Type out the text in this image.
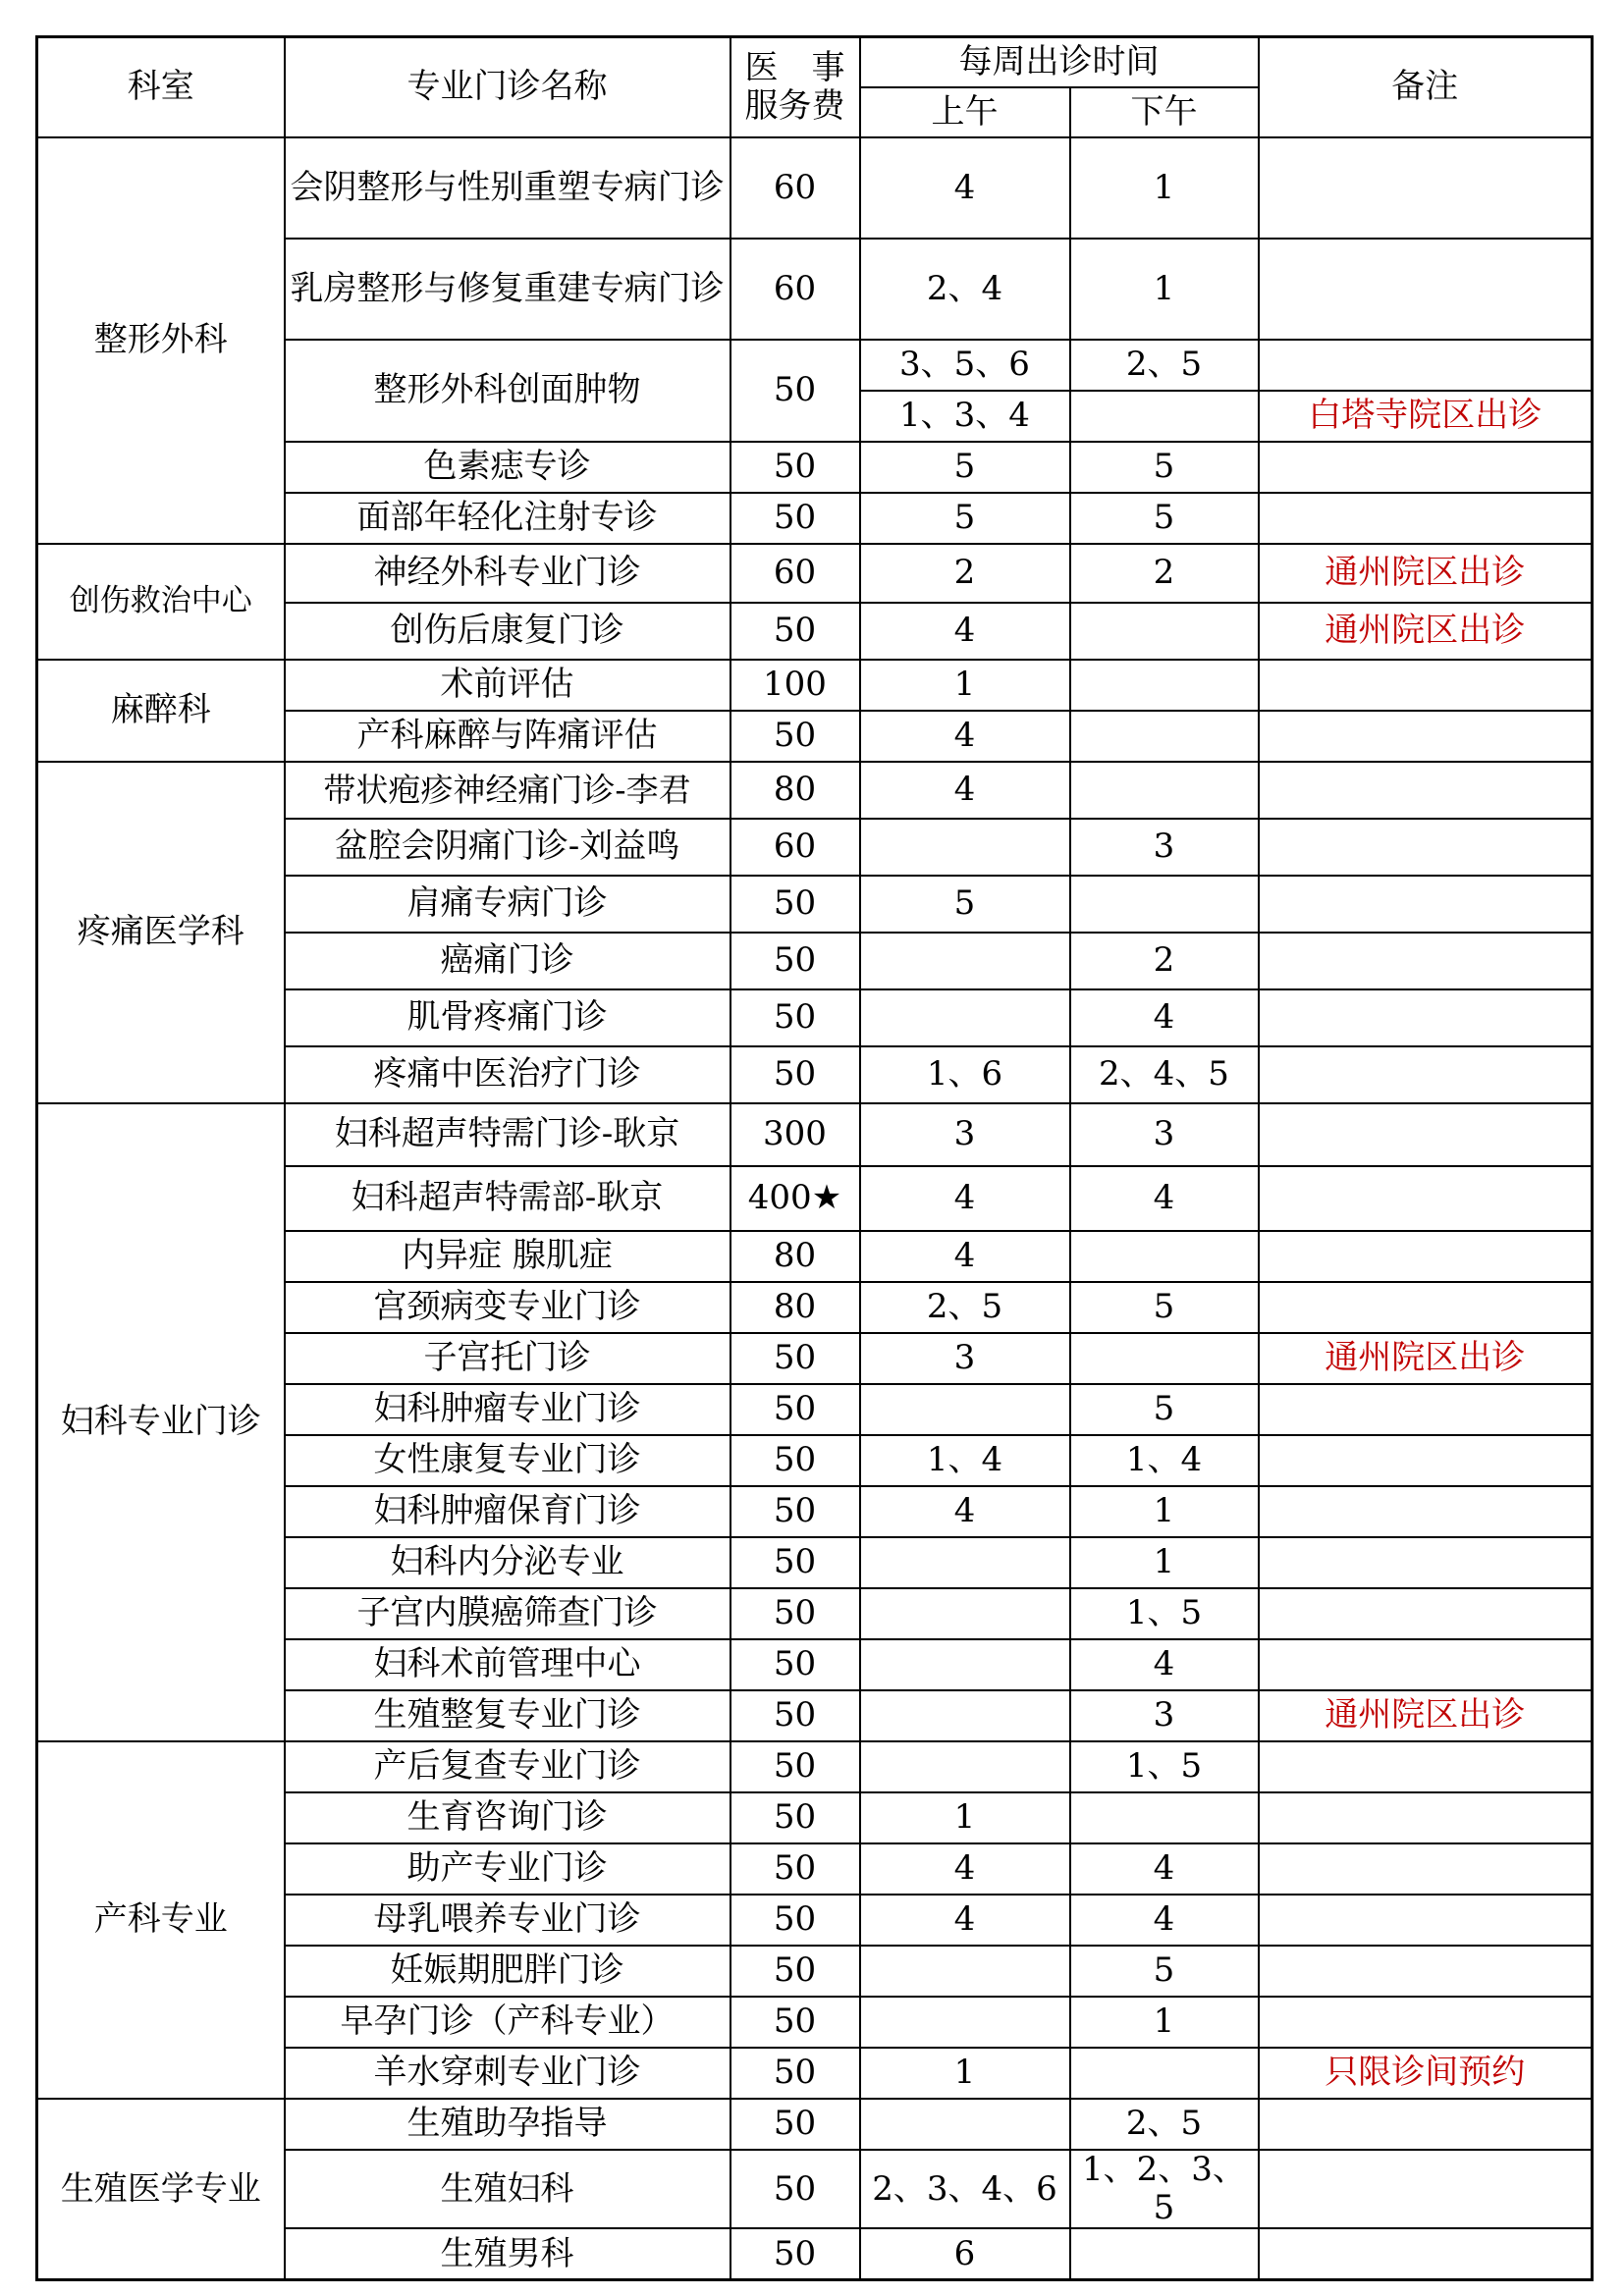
科室	专业门诊名称	医　事
服务费	每周出诊时间		备注
			上午	下午	
整形外科	会阴整形与性别重塑专病门诊	60	4	1	
	乳房整形与修复重建专病门诊	60	2、4	1	
	整形外科创面肿物	50	3、5、6	2、5	
			1、3、4		白塔寺院区出诊
	色素痣专诊	50	5	5	
	面部年轻化注射专诊	50	5	5	
创伤救治中心	神经外科专业门诊	60	2	2	通州院区出诊
	创伤后康复门诊	50	4		通州院区出诊
麻醉科	术前评估	100	1		
	产科麻醉与阵痛评估	50	4		
疼痛医学科	带状疱疹神经痛门诊-李君	80	4		
	盆腔会阴痛门诊-刘益鸣	60		3	
	肩痛专病门诊	50	5		
	癌痛门诊	50		2	
	肌骨疼痛门诊	50		4	
	疼痛中医治疗门诊	50	1、6	2、4、5	
妇科专业门诊	妇科超声特需门诊-耿京	300	3	3	
	妇科超声特需部-耿京	400★	4	4	
	内异症 腺肌症	80	4		
	宫颈病变专业门诊	80	2、5	5	
	子宫托门诊	50	3		通州院区出诊
	妇科肿瘤专业门诊	50		5	
	女性康复专业门诊	50	1、4	1、4	
	妇科肿瘤保育门诊	50	4	1	
	妇科内分泌专业	50		1	
	子宫内膜癌筛查门诊	50		1、5	
	妇科术前管理中心	50		4	
	生殖整复专业门诊	50		3	通州院区出诊
产科专业	产后复查专业门诊	50		1、5	
	生育咨询门诊	50	1		
	助产专业门诊	50	4	4	
	母乳喂养专业门诊	50	4	4	
	妊娠期肥胖门诊	50		5	
	早孕门诊（产科专业）	50		1	
	羊水穿刺专业门诊	50	1		只限诊间预约
生殖医学专业	生殖助孕指导	50		2、5	
	生殖妇科	50	2、3、4、6	1、2、3、5	
	生殖男科	50	6		
